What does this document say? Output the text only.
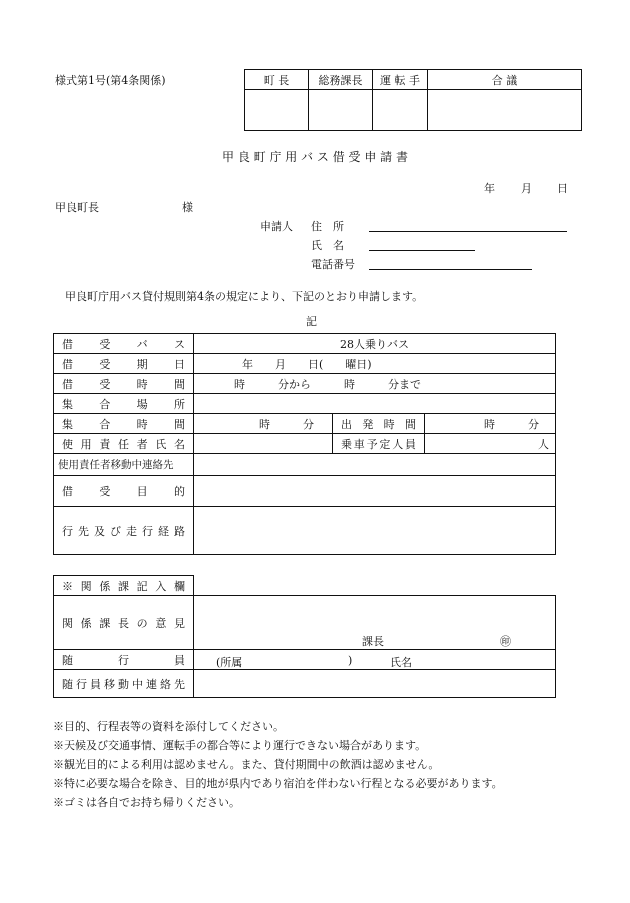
様式第1号(第4条関係)	町 長	総務課長	運 転 手	合 議

甲 良 町 庁 用 バ ス 借 受 申 請 書
年 月 日
甲良町長	様
申請人 住　所
氏　名
電話番号
甲良町庁用バス貸付規則第4条の規定により、下記のとおり申請します。
記
借 受 バ ス	28人乗りバス		
借 受 期 日	年　　月　　日(　　曜日)		
借 受 時 間	時　　　分から　　　時　　　分まで		
集 合 場 所			
集 合 時 間	時　　　分	出 発 時 間	時　　　分
使 用 責 任 者 氏 名		乗車予定人員	人
使用責任者移動中連絡先			
借 受 目 的			
行 先 及 び 走 行 経 路			
※ 関 係 課 記 入 欄	
関 係 課 長 の 意 見	課長 ㊞

随 行 員	(所属 ) 氏名

随行員移動中連絡先	
※目的、行程表等の資料を添付してください。
※天候及び交通事情、運転手の都合等により運行できない場合があります。
※観光目的による利用は認めません。また、貸付期間中の飲酒は認めません。
※特に必要な場合を除き、目的地が県内であり宿泊を伴わない行程となる必要があります。
※ゴミは各自でお持ち帰りください。
